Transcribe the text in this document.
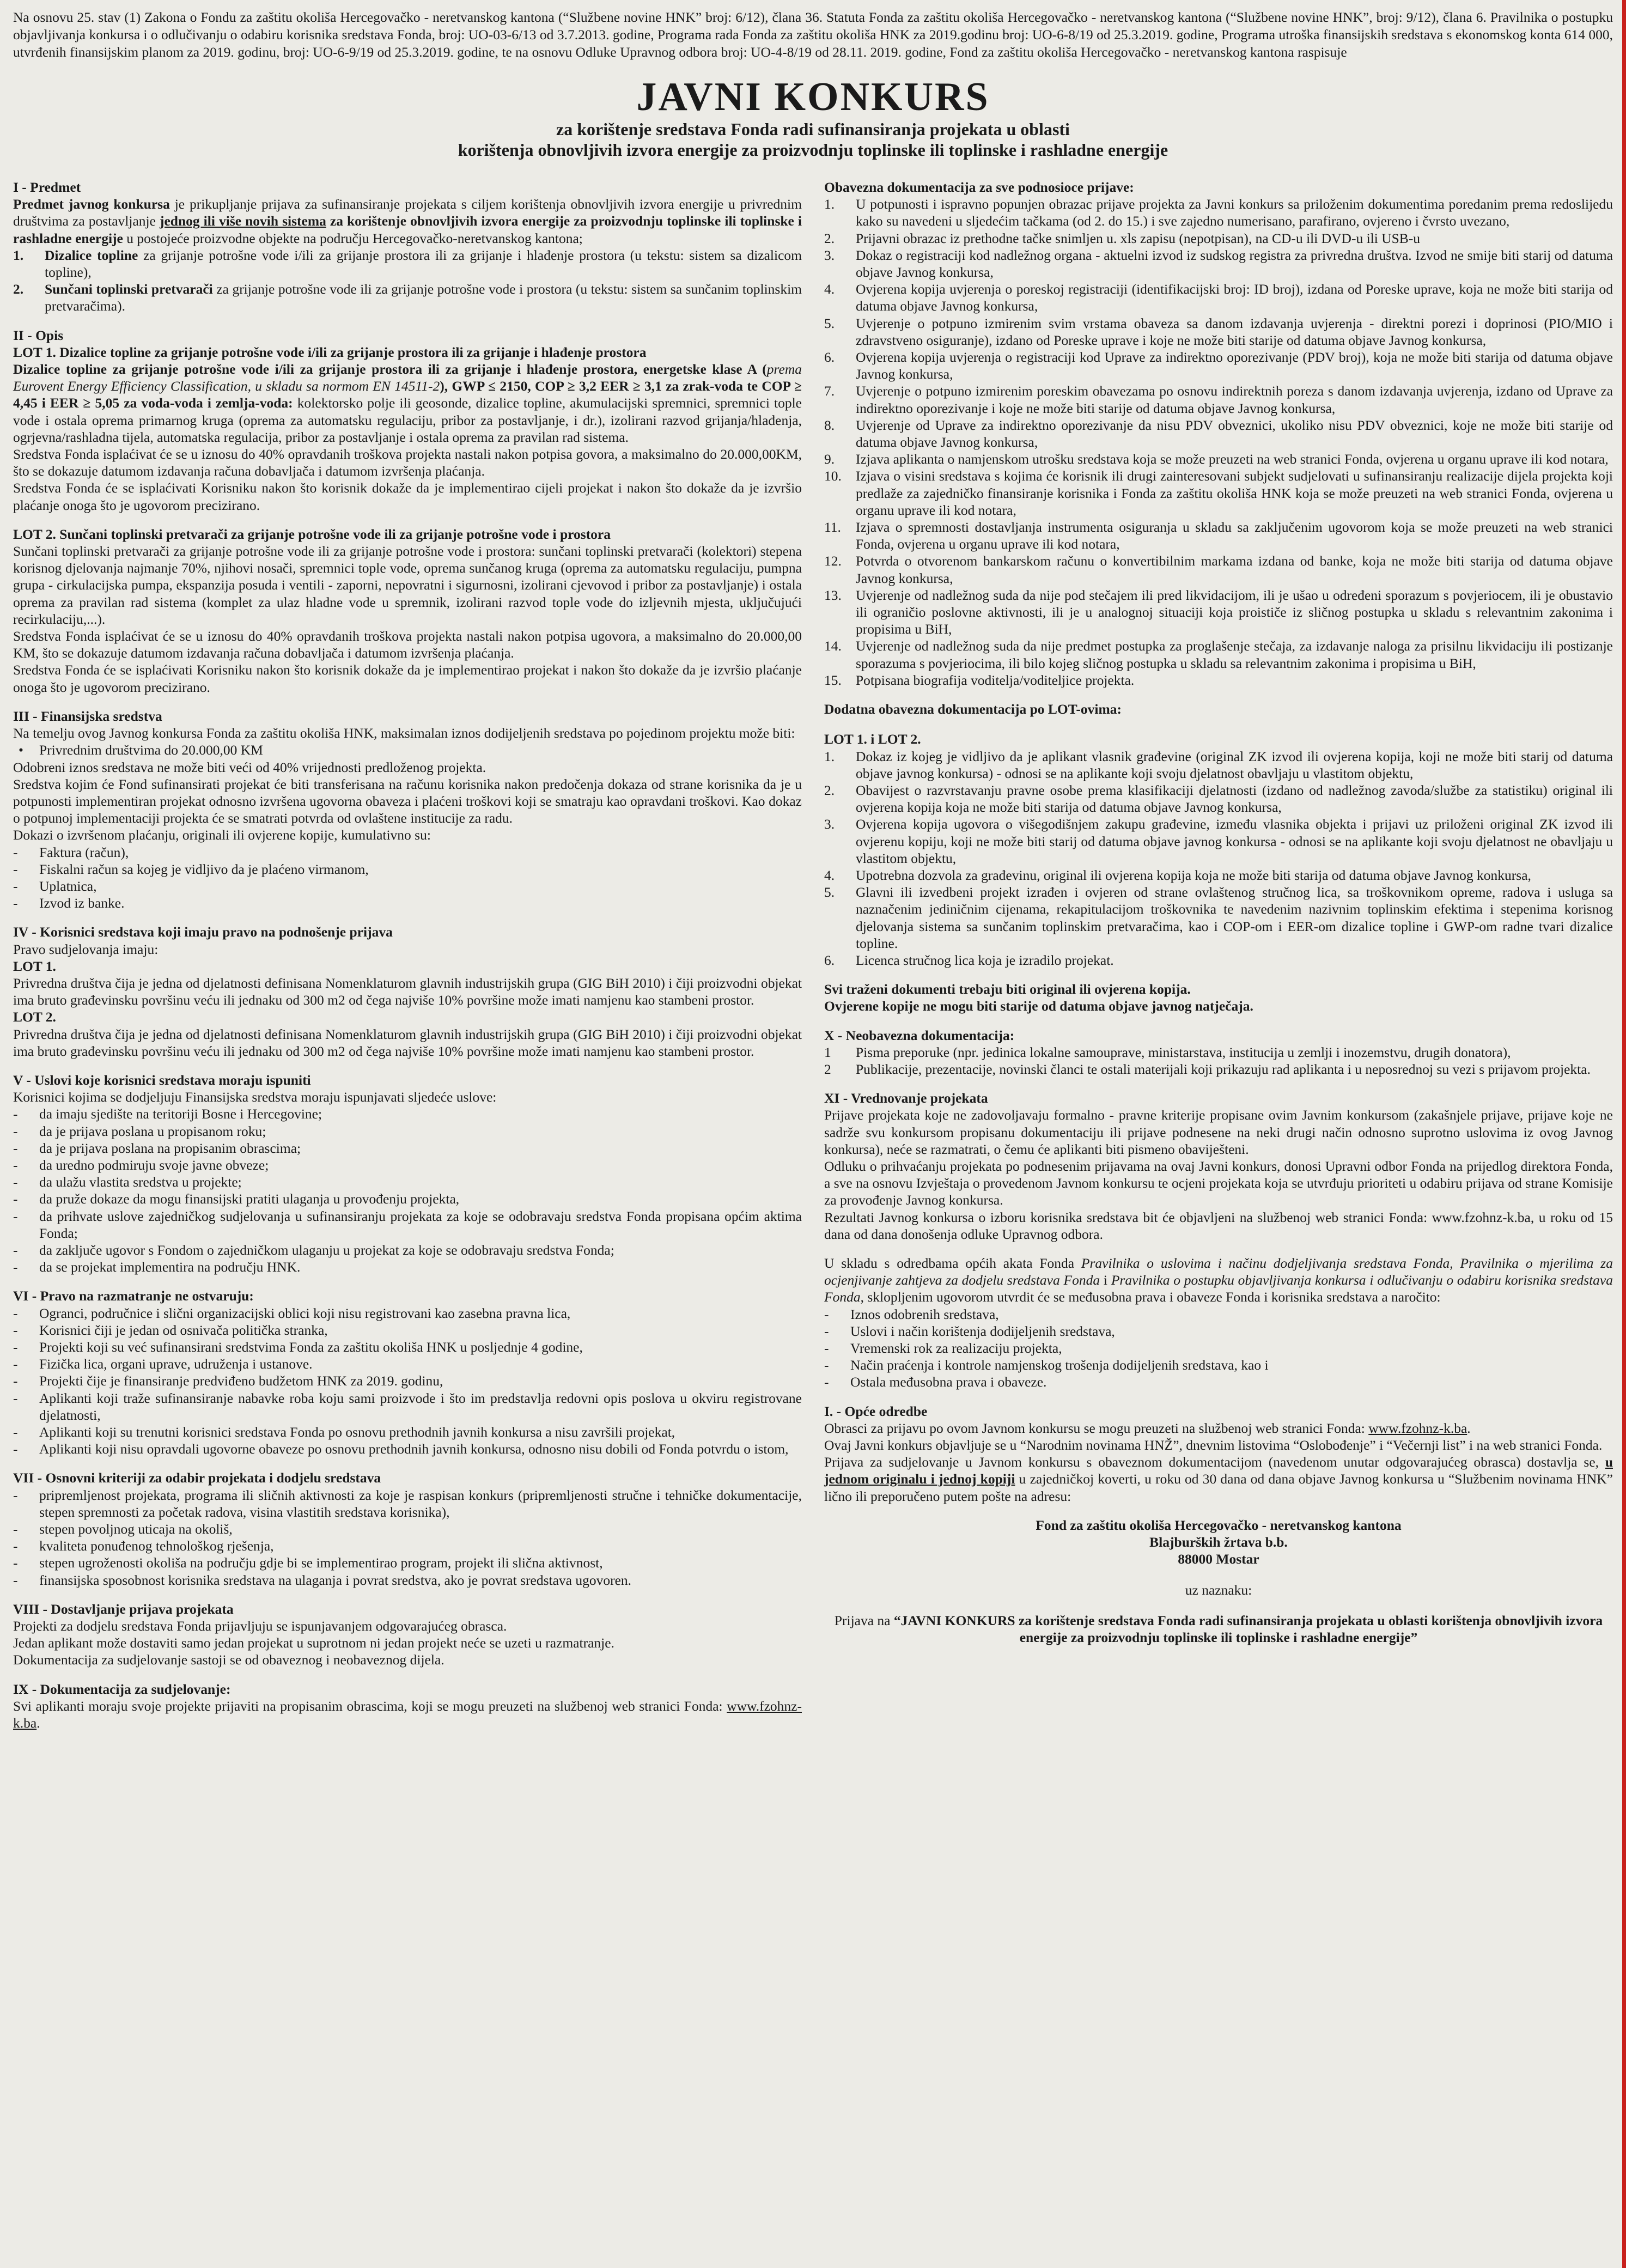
Na osnovu 25. stav (1) Zakona o Fondu za zaštitu okoliša Hercegovačko - neretvanskog kantona (“Službene novine HNK” broj: 6/12), člana 36. Statuta Fonda za zaštitu okoliša Hercegovačko - neretvanskog kantona (“Službene novine HNK”, broj: 9/12), člana 6. Pravilnika o postupku objavljivanja konkursa i o odlučivanju o odabiru korisnika sredstava Fonda, broj: UO-03-6/13 od 3.7.2013. godine, Programa rada Fonda za zaštitu okoliša HNK za 2019.godinu broj: UO-6-8/19 od 25.3.2019. godine, Programa utroška finansijskih sredstava s ekonomskog konta 614 000, utvrđenih finansijskim planom za 2019. godinu, broj: UO-6-9/19 od 25.3.2019. godine, te na osnovu Odluke Upravnog odbora broj: UO-4-8/19 od 28.11. 2019. godine, Fond za zaštitu okoliša Hercegovačko - neretvanskog kantona raspisuje

JAVNI KONKURS

za korištenje sredstava Fonda radi sufinansiranja projekata u oblasti

korištenja obnovljivih izvora energije za proizvodnju toplinske ili toplinske i rashladne energije

I - Predmet

Predmet javnog konkursa je prikupljanje prijava za sufinansiranje projekata s ciljem korištenja obnovljivih izvora energije u privrednim društvima za postavljanje jednog ili više novih sistema za korištenje obnovljivih izvora energije za proizvodnju toplinske ili toplinske i rashladne energije u postojeće proizvodne objekte na području Hercegovačko-neretvanskog kantona;

1.	Dizalice topline za grijanje potrošne vode i/ili za grijanje prostora ili za grijanje i hlađenje prostora (u tekstu: sistem sa dizalicom topline),
2.	Sunčani toplinski pretvarači za grijanje potrošne vode ili za grijanje potrošne vode i prostora (u tekstu: sistem sa sunčanim toplinskim pretvaračima).

II - Opis

LOT 1. Dizalice topline za grijanje potrošne vode i/ili za grijanje prostora ili za grijanje i hlađenje prostora

Dizalice topline za grijanje potrošne vode i/ili za grijanje prostora ili za grijanje i hlađenje prostora, energetske klase A (prema Eurovent Energy Efficiency Classification, u skladu sa normom EN 14511-2), GWP ≤ 2150, COP ≥ 3,2 EER ≥ 3,1 za zrak-voda te COP ≥ 4,45 i EER ≥ 5,05 za voda-voda i zemlja-voda: kolektorsko polje ili geosonde, dizalice topline, akumulacijski spremnici, spremnici tople vode i ostala oprema primarnog kruga (oprema za automatsku regulaciju, pribor za postavljanje, i dr.), izolirani razvod grijanja/hlađenja, ogrjevna/rashladna tijela, automatska regulacija, pribor za postavljanje i ostala oprema za pravilan rad sistema.

Sredstva Fonda isplaćivat će se u iznosu do 40% opravdanih troškova projekta nastali nakon potpisa govora, a maksimalno do 20.000,00KM, što se dokazuje datumom izdavanja računa dobavljača i datumom izvršenja plaćanja.

Sredstva Fonda će se isplaćivati Korisniku nakon što korisnik dokaže da je implementirao cijeli projekat i nakon što dokaže da je izvršio plaćanje onoga što je ugovorom precizirano.

LOT 2. Sunčani toplinski pretvarači za grijanje potrošne vode ili za grijanje potrošne vode i prostora

Sunčani toplinski pretvarači za grijanje potrošne vode ili za grijanje potrošne vode i prostora: sunčani toplinski pretvarači (kolektori) stepena korisnog djelovanja najmanje 70%, njihovi nosači, spremnici tople vode, oprema sunčanog kruga (oprema za automatsku regulaciju, pumpna grupa - cirkulacijska pumpa, ekspanzija posuda i ventili - zaporni, nepovratni i sigurnosni, izolirani cjevovod i pribor za postavljanje) i ostala oprema za pravilan rad sistema (komplet za ulaz hladne vode u spremnik, izolirani razvod tople vode do izljevnih mjesta, uključujući recirkulaciju,...).

Sredstva Fonda isplaćivat će se u iznosu do 40% opravdanih troškova projekta nastali nakon potpisa ugovora, a maksimalno do 20.000,00 KM, što se dokazuje datumom izdavanja računa dobavljača i datumom izvršenja plaćanja.

Sredstva Fonda će se isplaćivati Korisniku nakon što korisnik dokaže da je implementirao projekat i nakon što dokaže da je izvršio plaćanje onoga što je ugovorom precizirano.

III - Finansijska sredstva

Na temelju ovog Javnog konkursa Fonda za zaštitu okoliša HNK, maksimalan iznos dodijeljenih sredstava po pojedinom projektu može biti:

• Privrednim društvima do 20.000,00 KM

Odobreni iznos sredstava ne može biti veći od 40% vrijednosti predloženog projekta.

Sredstva kojim će Fond sufinansirati projekat će biti transferisana na računu korisnika nakon predočenja dokaza od strane korisnika da je u potpunosti implementiran projekat odnosno izvršena ugovorna obaveza i plaćeni troškovi koji se smatraju kao opravdani troškovi. Kao dokaz o potpunoj implementaciji projekta će se smatrati potvrda od ovlaštene institucije za radu.

Dokazi o izvršenom plaćanju, originali ili ovjerene kopije, kumulativno su:

- Faktura (račun),
- Fiskalni račun sa kojeg je vidljivo da je plaćeno virmanom,
- Uplatnica,
- Izvod iz banke.

IV - Korisnici sredstava koji imaju pravo na podnošenje prijava

Pravo sudjelovanja imaju:

LOT 1.

Privredna društva čija je jedna od djelatnosti definisana Nomenklaturom glavnih industrijskih grupa (GIG BiH 2010) i čiji proizvodni objekat ima bruto građevinsku površinu veću ili jednaku od 300 m2 od čega najviše 10% površine može imati namjenu kao stambeni prostor.

LOT 2.

Privredna društva čija je jedna od djelatnosti definisana Nomenklaturom glavnih industrijskih grupa (GIG BiH 2010) i čiji proizvodni objekat ima bruto građevinsku površinu veću ili jednaku od 300 m2 od čega najviše 10% površine može imati namjenu kao stambeni prostor.

V - Uslovi koje korisnici sredstava moraju ispuniti

Korisnici kojima se dodjeljuju Finansijska sredstva moraju ispunjavati sljedeće uslove:

- da imaju sjedište na teritoriji Bosne i Hercegovine;
- da je prijava poslana u propisanom roku;
- da je prijava poslana na propisanim obrascima;
- da uredno podmiruju svoje javne obveze;
- da ulažu vlastita sredstva u projekte;
- da pruže dokaze da mogu finansijski pratiti ulaganja u provođenju projekta,
- da prihvate uslove zajedničkog sudjelovanja u sufinansiranju projekata za koje se odobravaju sredstva Fonda propisana općim aktima Fonda;
- da zaključe ugovor s Fondom o zajedničkom ulaganju u projekat za koje se odobravaju sredstva Fonda;
- da se projekat implementira na području HNK.

VI - Pravo na razmatranje ne ostvaruju:

- Ogranci, područnice i slični organizacijski oblici koji nisu registrovani kao zasebna pravna lica,
- Korisnici čiji je jedan od osnivača politička stranka,
- Projekti koji su već sufinansirani sredstvima Fonda za zaštitu okoliša HNK u posljednje 4 godine,
- Fizička lica, organi uprave, udruženja i ustanove.
- Projekti čije je finansiranje predviđeno budžetom HNK za 2019. godinu,
- Aplikanti koji traže sufinansiranje nabavke roba koju sami proizvode i što im predstavlja redovni opis poslova u okviru registrovane djelatnosti,
- Aplikanti koji su trenutni korisnici sredstava Fonda po osnovu prethodnih javnih konkursa a nisu završili projekat,
- Aplikanti koji nisu opravdali ugovorne obaveze po osnovu prethodnih javnih konkursa, odnosno nisu dobili od Fonda potvrdu o istom,

VII - Osnovni kriteriji za odabir projekata i dodjelu sredstava

- pripremljenost projekata, programa ili sličnih aktivnosti za koje je raspisan konkurs (pripremljenosti stručne i tehničke dokumentacije, stepen spremnosti za početak radova, visina vlastitih sredstava korisnika),
- stepen povoljnog uticaja na okoliš,
- kvaliteta ponuđenog tehnološkog rješenja,
- stepen ugroženosti okoliša na području gdje bi se implementirao program, projekt ili slična aktivnost,
- finansijska sposobnost korisnika sredstava na ulaganja i povrat sredstva, ako je povrat sredstava ugovoren.

VIII - Dostavljanje prijava projekata

Projekti za dodjelu sredstava Fonda prijavljuju se ispunjavanjem odgovarajućeg obrasca.

Jedan aplikant može dostaviti samo jedan projekat u suprotnom ni jedan projekt neće se uzeti u razmatranje.

Dokumentacija za sudjelovanje sastoji se od obaveznog i neobaveznog dijela.

IX - Dokumentacija za sudjelovanje:

Svi aplikanti moraju svoje projekte prijaviti na propisanim obrascima, koji se mogu preuzeti na službenoj web stranici Fonda: www.fzohnz-k.ba.

Obavezna dokumentacija za sve podnosioce prijave:

1.	U potpunosti i ispravno popunjen obrazac prijave projekta za Javni konkurs sa priloženim dokumentima poredanim prema redoslijedu kako su navedeni u sljedećim tačkama (od 2. do 15.) i sve zajedno numerisano, parafirano, ovjereno i čvrsto uvezano,
2.	Prijavni obrazac iz prethodne tačke snimljen u. xls zapisu (nepotpisan), na CD-u ili DVD-u ili USB-u
3.	Dokaz o registraciji kod nadležnog organa - aktuelni izvod iz sudskog registra za privredna društva. Izvod ne smije biti starij od datuma objave Javnog konkursa,
4.	Ovjerena kopija uvjerenja o poreskoj registraciji (identifikacijski broj: ID broj), izdana od Poreske uprave, koja ne može biti starija od datuma objave Javnog konkursa,
5.	Uvjerenje o potpuno izmirenim svim vrstama obaveza sa danom izdavanja uvjerenja - direktni porezi i doprinosi (PIO/MIO i zdravstveno osiguranje), izdano od Poreske uprave i koje ne može biti starije od datuma objave Javnog konkursa,
6.	Ovjerena kopija uvjerenja o registraciji kod Uprave za indirektno oporezivanje (PDV broj), koja ne može biti starija od datuma objave Javnog konkursa,
7.	Uvjerenje o potpuno izmirenim poreskim obavezama po osnovu indirektnih poreza s danom izdavanja uvjerenja, izdano od Uprave za indirektno oporezivanje i koje ne može biti starije od datuma objave Javnog konkursa,
8.	Uvjerenje od Uprave za indirektno oporezivanje da nisu PDV obveznici, ukoliko nisu PDV obveznici, koje ne može biti starije od datuma objave Javnog konkursa,
9.	Izjava aplikanta o namjenskom utrošku sredstava koja se može preuzeti na web stranici Fonda, ovjerena u organu uprave ili kod notara,
10.	Izjava o visini sredstava s kojima će korisnik ili drugi zainteresovani subjekt sudjelovati u sufinansiranju realizacije dijela projekta koji predlaže za zajedničko finansiranje korisnika i Fonda za zaštitu okoliša HNK koja se može preuzeti na web stranici Fonda, ovjerena u organu uprave ili kod notara,
11.	Izjava o spremnosti dostavljanja instrumenta osiguranja u skladu sa zaključenim ugovorom koja se može preuzeti na web stranici Fonda, ovjerena u organu uprave ili kod notara,
12.	Potvrda o otvorenom bankarskom računu o konvertibilnim markama izdana od banke, koja ne može biti starija od datuma objave Javnog konkursa,
13.	Uvjerenje od nadležnog suda da nije pod stečajem ili pred likvidacijom, ili je ušao u određeni sporazum s povjeriocem, ili je obustavio ili ograničio poslovne aktivnosti, ili je u analognoj situaciji koja proističe iz sličnog postupka u skladu s relevantnim zakonima i propisima u BiH,
14.	Uvjerenje od nadležnog suda da nije predmet postupka za proglašenje stečaja, za izdavanje naloga za prisilnu likvidaciju ili postizanje sporazuma s povjeriocima, ili bilo kojeg sličnog postupka u skladu sa relevantnim zakonima i propisima u BiH,
15.	Potpisana biografija voditelja/voditeljice projekta.

Dodatna obavezna dokumentacija po LOT-ovima:

LOT 1. i LOT 2.

1.	Dokaz iz kojeg je vidljivo da je aplikant vlasnik građevine (original ZK izvod ili ovjerena kopija, koji ne može biti starij od datuma objave javnog konkursa) - odnosi se na aplikante koji svoju djelatnost obavljaju u vlastitom objektu,
2.	Obavijest o razvrstavanju pravne osobe prema klasifikaciji djelatnosti (izdano od nadležnog zavoda/službe za statistiku) original ili ovjerena kopija koja ne može biti starija od datuma objave Javnog konkursa,
3.	Ovjerena kopija ugovora o višegodišnjem zakupu građevine, između vlasnika objekta i prijavi uz priloženi original ZK izvod ili ovjerenu kopiju, koji ne može biti starij od datuma objave javnog konkursa - odnosi se na aplikante koji svoju djelatnost ne obavljaju u vlastitom objektu,
4.	Upotrebna dozvola za građevinu, original ili ovjerena kopija koja ne može biti starija od datuma objave Javnog konkursa,
5.	Glavni ili izvedbeni projekt izrađen i ovjeren od strane ovlaštenog stručnog lica, sa troškovnikom opreme, radova i usluga sa naznačenim jediničnim cijenama, rekapitulacijom troškovnika te navedenim nazivnim toplinskim efektima i stepenima korisnog djelovanja sistema sa sunčanim toplinskim pretvaračima, kao i COP-om i EER-om dizalice topline i GWP-om radne tvari dizalice topline.
6.	Licenca stručnog lica koja je izradilo projekat.

Svi traženi dokumenti trebaju biti original ili ovjerena kopija.

Ovjerene kopije ne mogu biti starije od datuma objave javnog natječaja.

X - Neobavezna dokumentacija:

1	Pisma preporuke (npr. jedinica lokalne samouprave, ministarstava, institucija u zemlji i inozemstvu, drugih donatora),
2	Publikacije, prezentacije, novinski članci te ostali materijali koji prikazuju rad aplikanta i u neposrednoj su vezi s prijavom projekta.

XI - Vrednovanje projekata

Prijave projekata koje ne zadovoljavaju formalno - pravne kriterije propisane ovim Javnim konkursom (zakašnjele prijave, prijave koje ne sadrže svu konkursom propisanu dokumentaciju ili prijave podnesene na neki drugi način odnosno suprotno uslovima iz ovog Javnog konkursa), neće se razmatrati, o čemu će aplikanti biti pismeno obaviješteni.

Odluku o prihvaćanju projekata po podnesenim prijavama na ovaj Javni konkurs, donosi Upravni odbor Fonda na prijedlog direktora Fonda, a sve na osnovu Izvještaja o provedenom Javnom konkursu te ocjeni projekata koja se utvrđuju prioriteti u odabiru prijava od strane Komisije za provođenje Javnog konkursa.

Rezultati Javnog konkursa o izboru korisnika sredstava bit će objavljeni na službenoj web stranici Fonda: www.fzohnz-k.ba, u roku od 15 dana od dana donošenja odluke Upravnog odbora.

U skladu s odredbama općih akata Fonda Pravilnika o uslovima i načinu dodjeljivanja sredstava Fonda, Pravilnika o mjerilima za ocjenjivanje zahtjeva za dodjelu sredstava Fonda i Pravilnika o postupku objavljivanja konkursa i odlučivanju o odabiru korisnika sredstava Fonda, sklopljenim ugovorom utvrdit će se međusobna prava i obaveze Fonda i korisnika sredstava a naročito:

- Iznos odobrenih sredstava,
- Uslovi i način korištenja dodijeljenih sredstava,
- Vremenski rok za realizaciju projekta,
- Način praćenja i kontrole namjenskog trošenja dodijeljenih sredstava, kao i
- Ostala međusobna prava i obaveze.

I. - Opće odredbe

Obrasci za prijavu po ovom Javnom konkursu se mogu preuzeti na službenoj web stranici Fonda: www.fzohnz-k.ba.

Ovaj Javni konkurs objavljuje se u “Narodnim novinama HNŽ”, dnevnim listovima “Oslobođenje” i “Večernji list” i na web stranici Fonda.

Prijava za sudjelovanje u Javnom konkursu s obaveznom dokumentacijom (navedenom unutar odgovarajućeg obrasca) dostavlja se, u jednom originalu i jednoj kopiji u zajedničkoj koverti, u roku od 30 dana od dana objave Javnog konkursa u “Službenim novinama HNK” lično ili preporučeno putem pošte na adresu:

Fond za zaštitu okoliša Hercegovačko - neretvanskog kantona
Blajburških žrtava b.b.
88000 Mostar

uz naznaku:

Prijava na “JAVNI KONKURS za korištenje sredstava Fonda radi sufinansiranja projekata u oblasti korištenja obnovljivih izvora energije za proizvodnju toplinske ili toplinske i rashladne energije”
